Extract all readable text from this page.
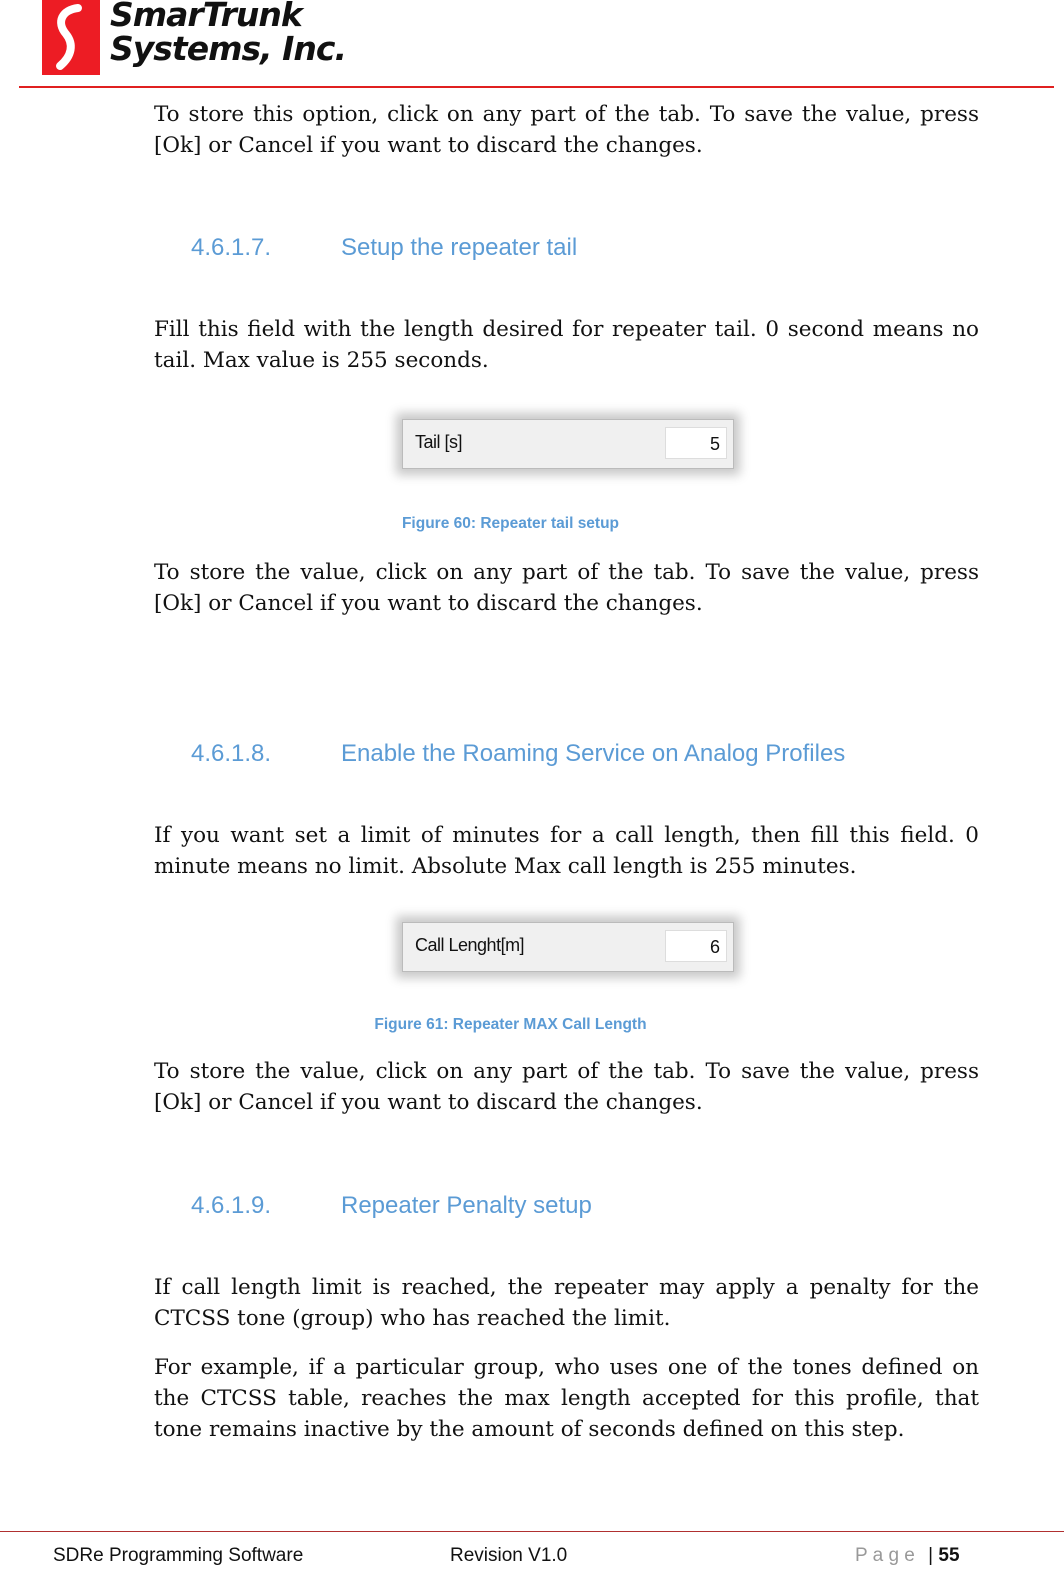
SmarTrunk
Systems, Inc.

To store this option, click on any part of the tab. To save the value, press [Ok] or Cancel if you want to discard the changes.

4.6.1.7.	Setup the repeater tail

Fill this field with the length desired for repeater tail. 0 second means no tail. Max value is 255 seconds.

Tail [s]	5
Figure 60: Repeater tail setup

To store the value, click on any part of the tab. To save the value, press [Ok] or Cancel if you want to discard the changes.

4.6.1.8.	Enable the Roaming Service on Analog Profiles

If you want set a limit of minutes for a call length, then fill this field. 0 minute means no limit. Absolute Max call length is 255 minutes.

Call Lenght[m]	6
Figure 61: Repeater MAX Call Length

To store the value, click on any part of the tab. To save the value, press [Ok] or Cancel if you want to discard the changes.

4.6.1.9.	Repeater Penalty setup

If call length limit is reached, the repeater may apply a penalty for the CTCSS tone (group) who has reached the limit.

For example, if a particular group, who uses one of the tones defined on the CTCSS table, reaches the max length accepted for this profile, that tone remains inactive by the amount of seconds defined on this step.

SDRe Programming Software	Revision V1.0	P a g e | 55
